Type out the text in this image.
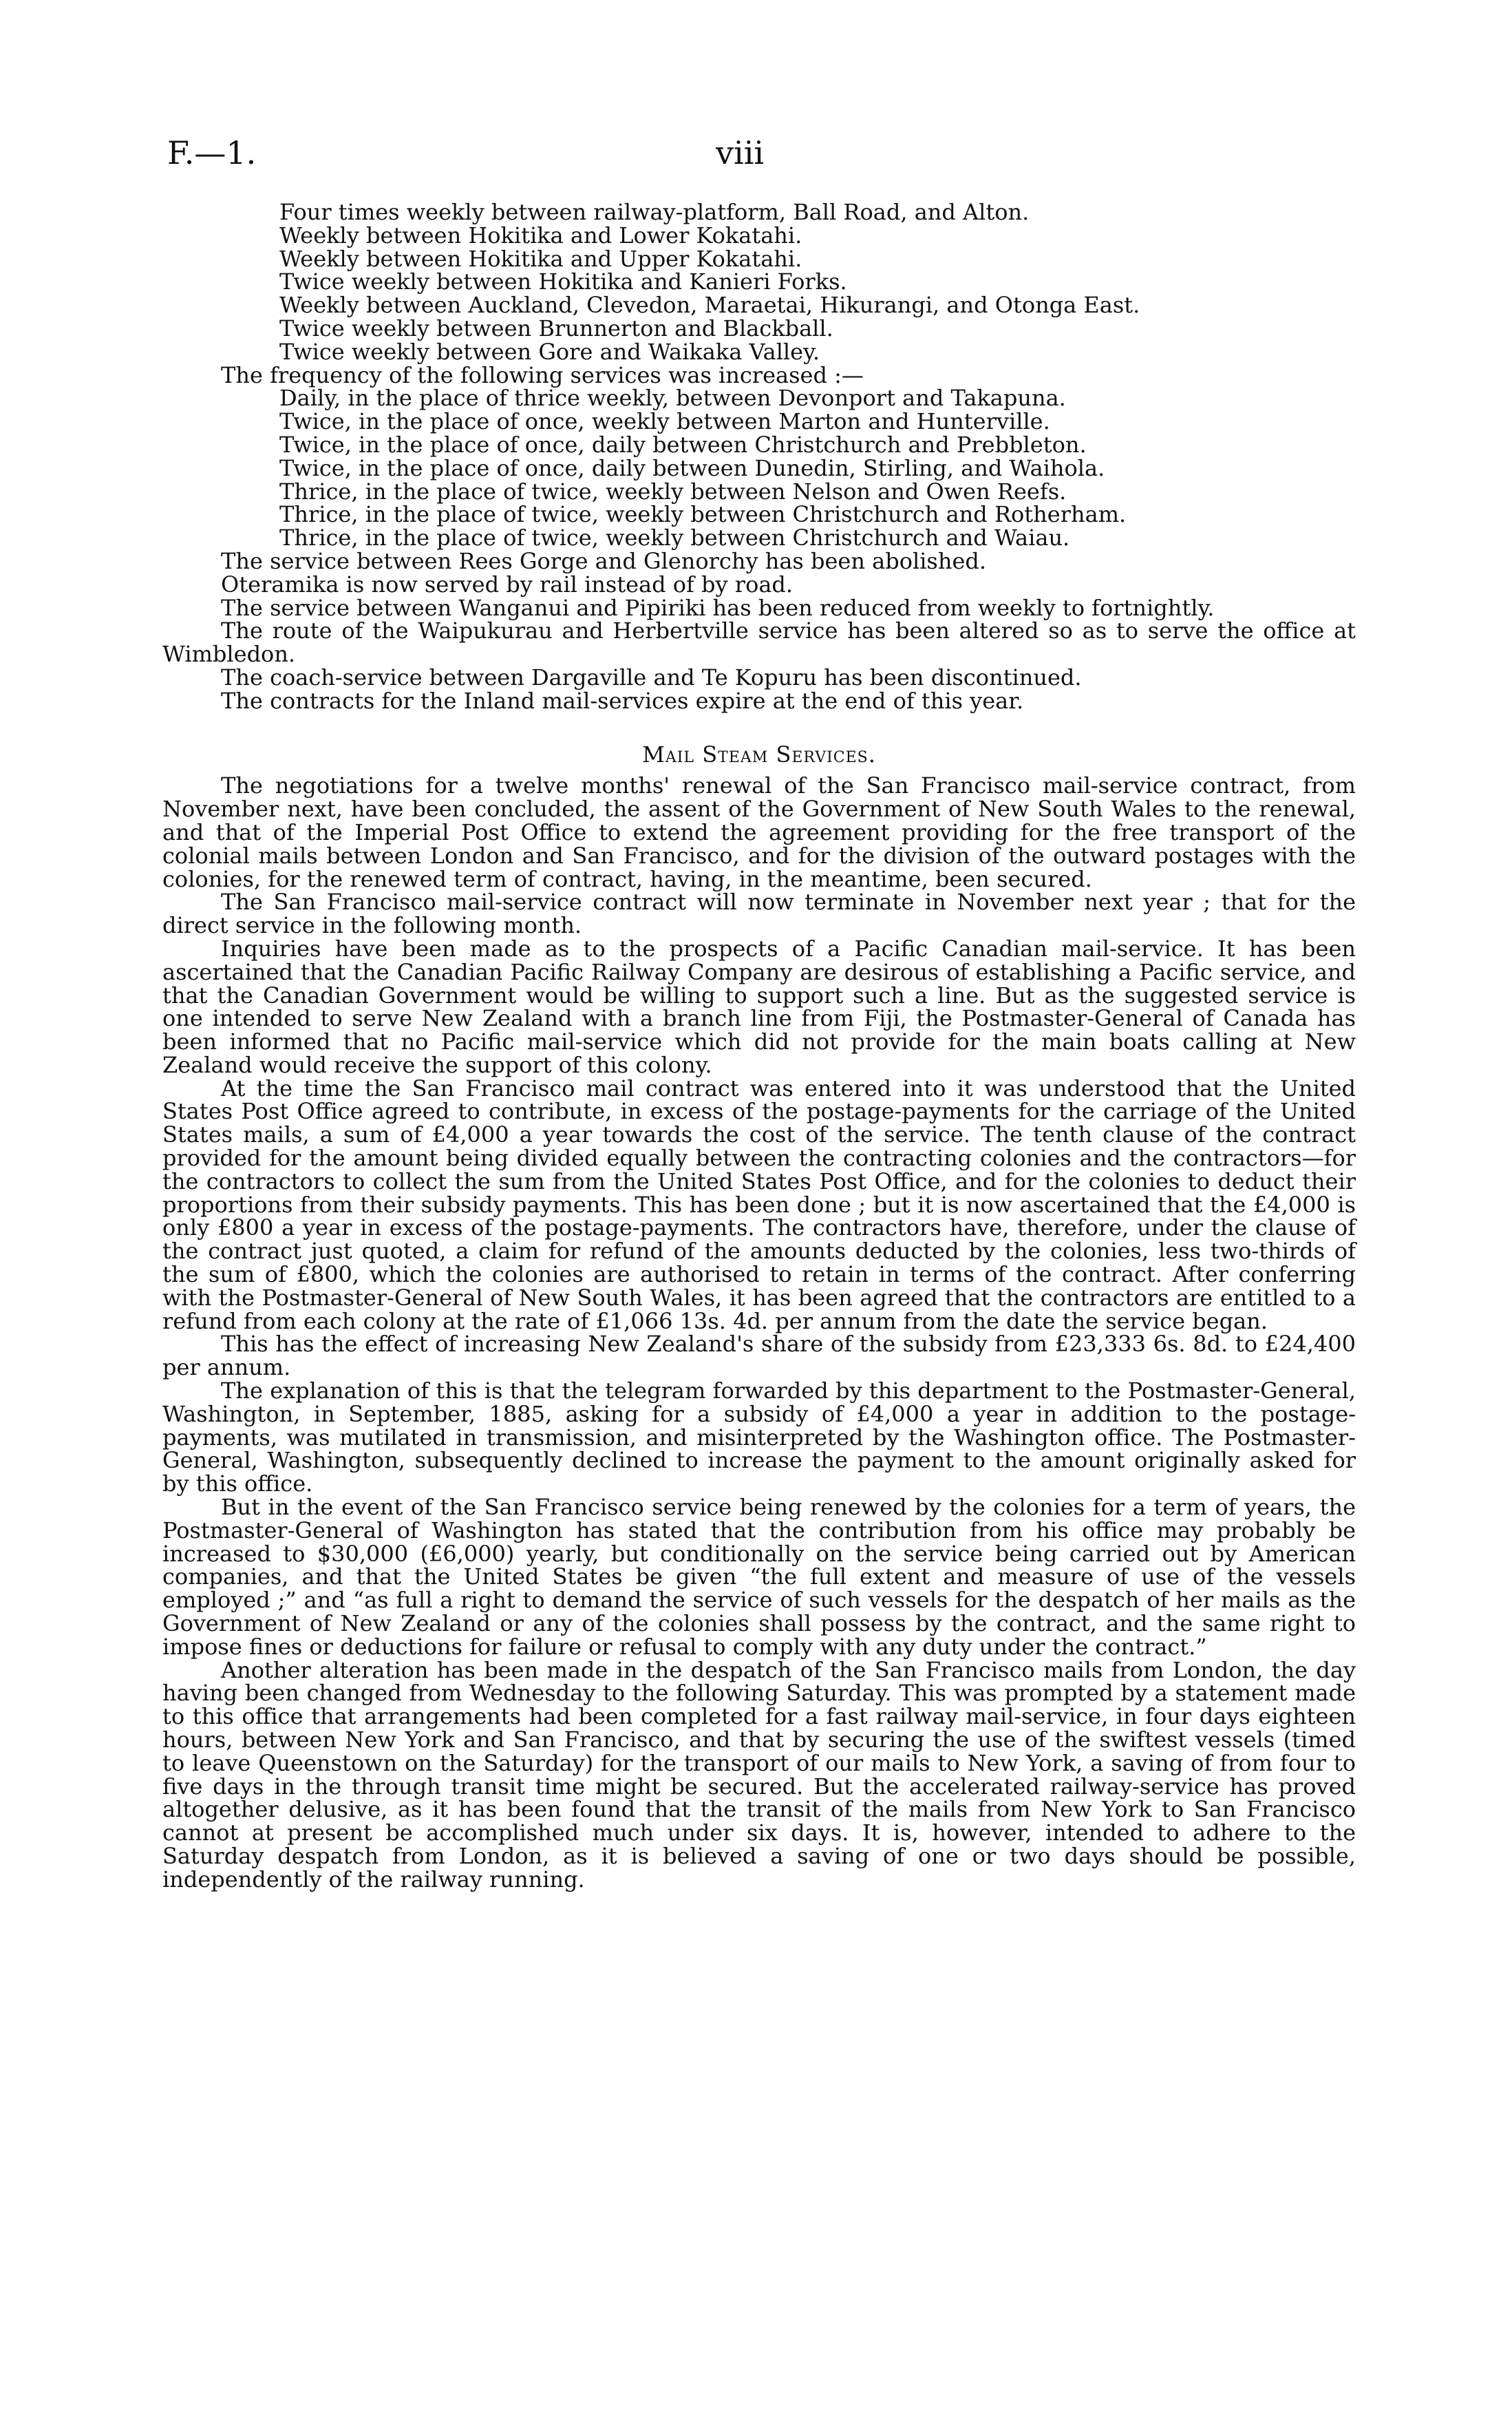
F.—1.	viii
Four times weekly between railway-platform, Ball Road, and Alton.
Weekly between Hokitika and Lower Kokatahi.
Weekly between Hokitika and Upper Kokatahi.
Twice weekly between Hokitika and Kanieri Forks.
Weekly between Auckland, Clevedon, Maraetai, Hikurangi, and Otonga East.
Twice weekly between Brunnerton and Blackball.
Twice weekly between Gore and Waikaka Valley.
The frequency of the following services was increased :—
Daily, in the place of thrice weekly, between Devonport and Takapuna.
Twice, in the place of once, weekly between Marton and Hunterville.
Twice, in the place of once, daily between Christchurch and Prebbleton.
Twice, in the place of once, daily between Dunedin, Stirling, and Waihola.
Thrice, in the place of twice, weekly between Nelson and Owen Reefs.
Thrice, in the place of twice, weekly between Christchurch and Rotherham.
Thrice, in the place of twice, weekly between Christchurch and Waiau.

The service between Rees Gorge and Glenorchy has been abolished.

Oteramika is now served by rail instead of by road.

The service between Wanganui and Pipiriki has been reduced from weekly to fortnightly.

The route of the Waipukurau and Herbertville service has been altered so as to serve the office at Wimbledon.

The coach-service between Dargaville and Te Kopuru has been discontinued.

The contracts for the Inland mail-services expire at the end of this year.

Mail Steam Services.

The negotiations for a twelve months' renewal of the San Francisco mail-service contract, from November next, have been concluded, the assent of the Government of New South Wales to the renewal, and that of the Imperial Post Office to extend the agreement providing for the free transport of the colonial mails between London and San Francisco, and for the division of the outward postages with the colonies, for the renewed term of contract, having, in the meantime, been secured.

The San Francisco mail-service contract will now terminate in November next year ; that for the direct service in the following month.

Inquiries have been made as to the prospects of a Pacific Canadian mail-service. It has been ascertained that the Canadian Pacific Railway Company are desirous of establishing a Pacific service, and that the Canadian Government would be willing to support such a line. But as the suggested service is one intended to serve New Zealand with a branch line from Fiji, the Postmaster-General of Canada has been informed that no Pacific mail-service which did not provide for the main boats calling at New Zealand would receive the support of this colony.

At the time the San Francisco mail contract was entered into it was understood that the United States Post Office agreed to contribute, in excess of the postage-payments for the carriage of the United States mails, a sum of £4,000 a year towards the cost of the service. The tenth clause of the contract provided for the amount being divided equally between the contracting colonies and the contractors—for the contractors to collect the sum from the United States Post Office, and for the colonies to deduct their proportions from their subsidy payments. This has been done ; but it is now ascertained that the £4,000 is only £800 a year in excess of the postage-payments. The contractors have, therefore, under the clause of the contract just quoted, a claim for refund of the amounts deducted by the colonies, less two-thirds of the sum of £800, which the colonies are authorised to retain in terms of the contract. After conferring with the Postmaster-General of New South Wales, it has been agreed that the contractors are entitled to a refund from each colony at the rate of £1,066 13s. 4d. per annum from the date the service began.

This has the effect of increasing New Zealand's share of the subsidy from £23,333 6s. 8d. to £24,400 per annum.

The explanation of this is that the telegram forwarded by this department to the Postmaster-General, Washington, in September, 1885, asking for a subsidy of £4,000 a year in addition to the postage-payments, was mutilated in transmission, and misinterpreted by the Washington office. The Postmaster-General, Washington, subsequently declined to increase the payment to the amount originally asked for by this office.

But in the event of the San Francisco service being renewed by the colonies for a term of years, the Postmaster-General of Washington has stated that the contribution from his office may probably be increased to $30,000 (£6,000) yearly, but conditionally on the service being carried out by American companies, and that the United States be given “the full extent and measure of use of the vessels employed ;” and “as full a right to demand the service of such vessels for the despatch of her mails as the Government of New Zealand or any of the colonies shall possess by the contract, and the same right to impose fines or deductions for failure or refusal to comply with any duty under the contract.”

Another alteration has been made in the despatch of the San Francisco mails from London, the day having been changed from Wednesday to the following Saturday. This was prompted by a statement made to this office that arrangements had been completed for a fast railway mail-service, in four days eighteen hours, between New York and San Francisco, and that by securing the use of the swiftest vessels (timed to leave Queenstown on the Saturday) for the transport of our mails to New York, a saving of from four to five days in the through transit time might be secured. But the accelerated railway-service has proved altogether delusive, as it has been found that the transit of the mails from New York to San Francisco cannot at present be accomplished much under six days. It is, however, intended to adhere to the Saturday despatch from London, as it is believed a saving of one or two days should be possible, independently of the railway running.
